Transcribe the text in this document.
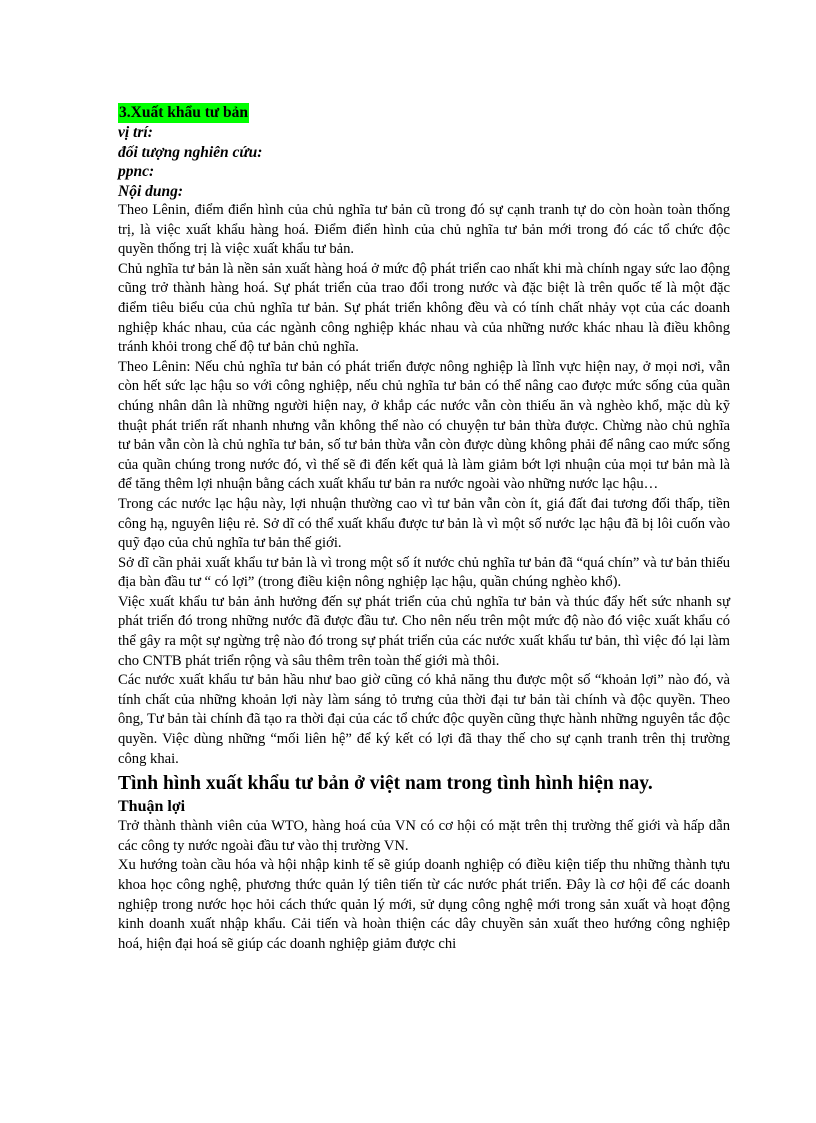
3.Xuất khẩu tư bản
vị trí:
đối tượng nghiên cứu:
ppnc:
Nội dung:

Theo Lênin, điểm điển hình của chủ nghĩa tư bản cũ trong đó sự cạnh tranh tự do còn hoàn toàn thống trị, là việc xuất khẩu hàng hoá. Điểm điển hình của chủ nghĩa tư bản mới trong đó các tổ chức độc quyền thống trị là việc xuất khẩu tư bản.

Chủ nghĩa tư bản là nền sản xuất hàng hoá ở mức độ phát triển cao nhất khi mà chính ngay sức lao động cũng trở thành hàng hoá. Sự phát triển của trao đổi trong nước và đặc biệt là trên quốc tế là một đặc điểm tiêu biểu của chủ nghĩa tư bản. Sự phát triển không đều và có tính chất nhảy vọt của các doanh nghiệp khác nhau, của các ngành công nghiệp khác nhau và của những nước khác nhau là điều không tránh khỏi trong chế độ tư bản chủ nghĩa.

Theo Lênin: Nếu chủ nghĩa tư bản có phát triển được nông nghiệp là lĩnh vực hiện nay, ở mọi nơi, vẫn còn hết sức lạc hậu so với công nghiệp, nếu chủ nghĩa tư bản có thể nâng cao được mức sống của quần chúng nhân dân là những người hiện nay, ở khắp các nước vẫn còn thiếu ăn và nghèo khổ, mặc dù kỹ thuật phát triển rất nhanh nhưng vẫn không thể nào có chuyện tư bản thừa được. Chừng nào chủ nghĩa tư bản vẫn còn là chủ nghĩa tư bản, số tư bản thừa vẫn còn được dùng không phải để nâng cao mức sống của quần chúng trong nước đó, vì thế sẽ đi đến kết quả là làm giảm bớt lợi nhuận của mọi tư bản mà là để tăng thêm lợi nhuận bằng cách xuất khẩu tư bản ra nước ngoài vào những nước lạc hậu…

Trong các nước lạc hậu này, lợi nhuận thường cao vì tư bản vẫn còn ít, giá đất đai tương đối thấp, tiền công hạ, nguyên liệu rẻ. Sở dĩ có thể xuất khẩu được tư bản là vì một số nước lạc hậu đã bị lôi cuốn vào quỹ đạo của chủ nghĩa tư bản thế giới.

Sở dĩ cần phải xuất khẩu tư bản là vì trong một số ít nước chủ nghĩa tư bản đã “quá chín” và tư bản thiếu địa bàn đầu tư “ có lợi” (trong điều kiện nông nghiệp lạc hậu, quần chúng nghèo khổ).

Việc xuất khẩu tư bản ảnh hưởng đến sự phát triển của chủ nghĩa tư bản và thúc đẩy hết sức nhanh sự phát triển đó trong những nước đã được đầu tư. Cho nên nếu trên một mức độ nào đó việc xuất khẩu có thể gây ra một sự ngừng trệ nào đó trong sự phát triển của các nước xuất khẩu tư bản, thì việc đó lại làm cho CNTB phát triển rộng và sâu thêm trên toàn thế giới mà thôi.

Các nước xuất khẩu tư bản hầu như bao giờ cũng có khả năng thu được một số “khoản lợi” nào đó, và tính chất của những khoản lợi này làm sáng tỏ trưng của thời đại tư bản tài chính và độc quyền. Theo ông, Tư bản tài chính đã tạo ra thời đại của các tổ chức độc quyền cũng thực hành những nguyên tắc độc quyền. Việc dùng những “mối liên hệ” để ký kết có lợi đã thay thế cho sự cạnh tranh trên thị trường công khai.

Tình hình xuất khẩu tư bản ở việt nam trong tình hình hiện nay.
Thuận lợi

Trở thành thành viên của WTO, hàng hoá của VN có cơ hội có mặt trên thị trường thế giới và hấp dẫn các công ty nước ngoài đầu tư vào thị trường VN.

Xu hướng toàn cầu hóa và hội nhập kinh tế sẽ giúp doanh nghiệp có điều kiện tiếp thu những thành tựu khoa học công nghệ, phương thức quản lý tiên tiến từ các nước phát triển. Đây là cơ hội để các doanh nghiệp trong nước học hỏi cách thức quản lý mới, sử dụng công nghệ mới trong sản xuất và hoạt động kinh doanh xuất nhập khẩu. Cải tiến và hoàn thiện các dây chuyền sản xuất theo hướng công nghiệp hoá, hiện đại hoá sẽ giúp các doanh nghiệp giảm được chi
